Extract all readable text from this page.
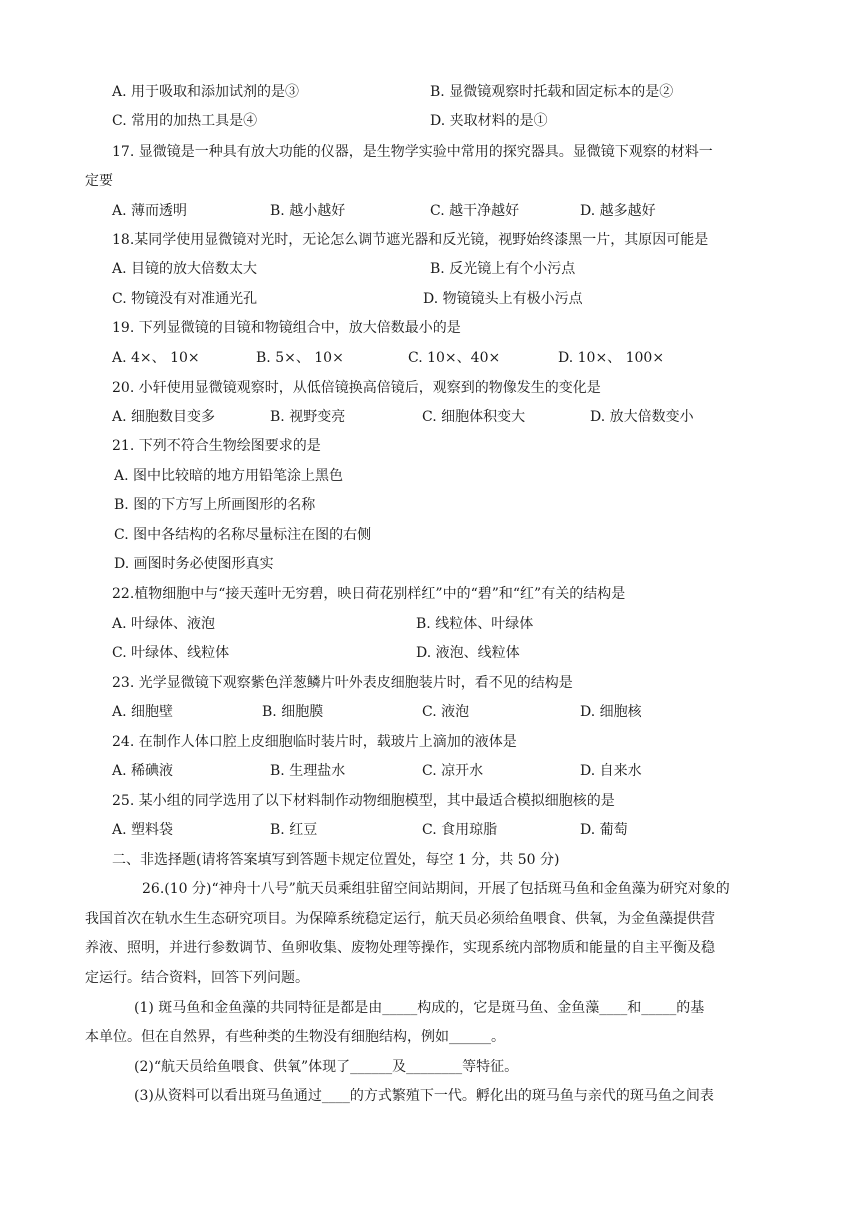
A. 用于吸取和添加试剂的是③	B. 显微镜观察时托载和固定标本的是②
C. 常用的加热工具是④	D. 夹取材料的是①
17. 显微镜是一种具有放大功能的仪器，是生物学实验中常用的探究器具。显微镜下观察的材料一
定要
A. 薄而透明	B. 越小越好	C. 越干净越好	D. 越多越好
18.某同学使用显微镜对光时，无论怎么调节遮光器和反光镜，视野始终漆黑一片，其原因可能是
A. 目镜的放大倍数太大	B. 反光镜上有个小污点
C. 物镜没有对准通光孔	D. 物镜镜头上有极小污点
19. 下列显微镜的目镜和物镜组合中，放大倍数最小的是
A. 4×、 10×	B. 5×、 10×	C. 10×、40×	D. 10×、 100×
20. 小轩使用显微镜观察时，从低倍镜换高倍镜后，观察到的物像发生的变化是
A. 细胞数目变多	B. 视野变亮	C. 细胞体积变大	D. 放大倍数变小
21. 下列不符合生物绘图要求的是
A. 图中比较暗的地方用铅笔涂上黑色
B. 图的下方写上所画图形的名称
C. 图中各结构的名称尽量标注在图的右侧
D. 画图时务必使图形真实
22.植物细胞中与“接天莲叶无穷碧，映日荷花别样红”中的“碧”和“红”有关的结构是
A. 叶绿体、液泡	B. 线粒体、叶绿体
C. 叶绿体、线粒体	D. 液泡、线粒体
23. 光学显微镜下观察紫色洋葱鳞片叶外表皮细胞装片时，看不见的结构是
A. 细胞壁	B. 细胞膜	C. 液泡	D. 细胞核
24. 在制作人体口腔上皮细胞临时装片时，载玻片上滴加的液体是
A. 稀碘液	B. 生理盐水	C. 凉开水	D. 自来水
25. 某小组的同学选用了以下材料制作动物细胞模型，其中最适合模拟细胞核的是
A. 塑料袋	B. 红豆	C. 食用琼脂	D. 葡萄
二、非选择题(请将答案填写到答题卡规定位置处，每空 1 分，共 50 分)
26.(10 分)“神舟十八号”航天员乘组驻留空间站期间，开展了包括斑马鱼和金鱼藻为研究对象的
我国首次在轨水生生态研究项目。为保障系统稳定运行，航天员必须给鱼喂食、供氧，为金鱼藻提供营
养液、照明，并进行参数调节、鱼卵收集、废物处理等操作，实现系统内部物质和能量的自主平衡及稳
定运行。结合资料，回答下列问题。
(1) 斑马鱼和金鱼藻的共同特征是都是由_____构成的，它是斑马鱼、金鱼藻____和_____的基
本单位。但在自然界，有些种类的生物没有细胞结构，例如______。
(2)“航天员给鱼喂食、供氧”体现了______及________等特征。
(3)从资料可以看出斑马鱼通过____的方式繁殖下一代。孵化出的斑马鱼与亲代的斑马鱼之间表
